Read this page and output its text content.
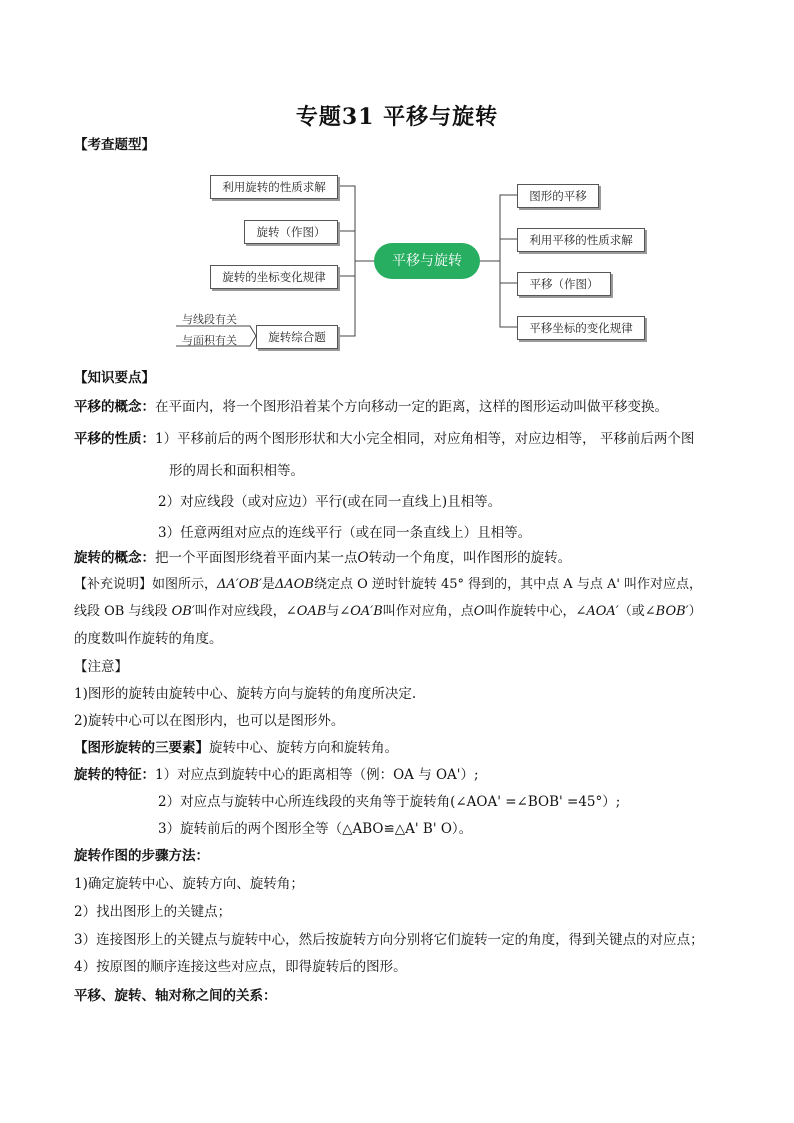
专题31 平移与旋转
【考查题型】
利用旋转的性质求解
旋转（作图）
旋转的坐标变化规律
旋转综合题
与线段有关
与面积有关
平移与旋转
图形的平移
利用平移的性质求解
平移（作图）
平移坐标的变化规律
【知识要点】
平移的概念：在平面内，将一个图形沿着某个方向移动一定的距离，这样的图形运动叫做平移变换。
平移的性质：1）平移前后的两个图形形状和大小完全相同，对应角相等，对应边相等， 平移前后两个图
形的周长和面积相等。
2）对应线段（或对应边）平行(或在同一直线上)且相等。
3）任意两组对应点的连线平行（或在同一条直线上）且相等。
旋转的概念：把一个平面图形绕着平面内某一点O转动一个角度，叫作图形的旋转。
【补充说明】如图所示，ΔA′OB′是ΔAOB绕定点 O 逆时针旋转 45° 得到的，其中点 A 与点 A' 叫作对应点，
线段 OB 与线段 OB′叫作对应线段，∠OAB与∠OA′B叫作对应角，点O叫作旋转中心，∠AOA′（或∠BOB′）
的度数叫作旋转的角度。
【注意】
1)图形的旋转由旋转中心、旋转方向与旋转的角度所决定.
2)旋转中心可以在图形内，也可以是图形外。
【图形旋转的三要素】旋转中心、旋转方向和旋转角。
旋转的特征：1）对应点到旋转中心的距离相等（例：OA 与 OA'）;
2）对应点与旋转中心所连线段的夹角等于旋转角(∠AOA' =∠BOB' =45°）;
3）旋转前后的两个图形全等（△ABO≌△A' B' O）。
旋转作图的步骤方法：
1)确定旋转中心、旋转方向、旋转角；
2）找出图形上的关键点；
3）连接图形上的关键点与旋转中心，然后按旋转方向分别将它们旋转一定的角度，得到关键点的对应点；
4）按原图的顺序连接这些对应点，即得旋转后的图形。
平移、旋转、轴对称之间的关系：
